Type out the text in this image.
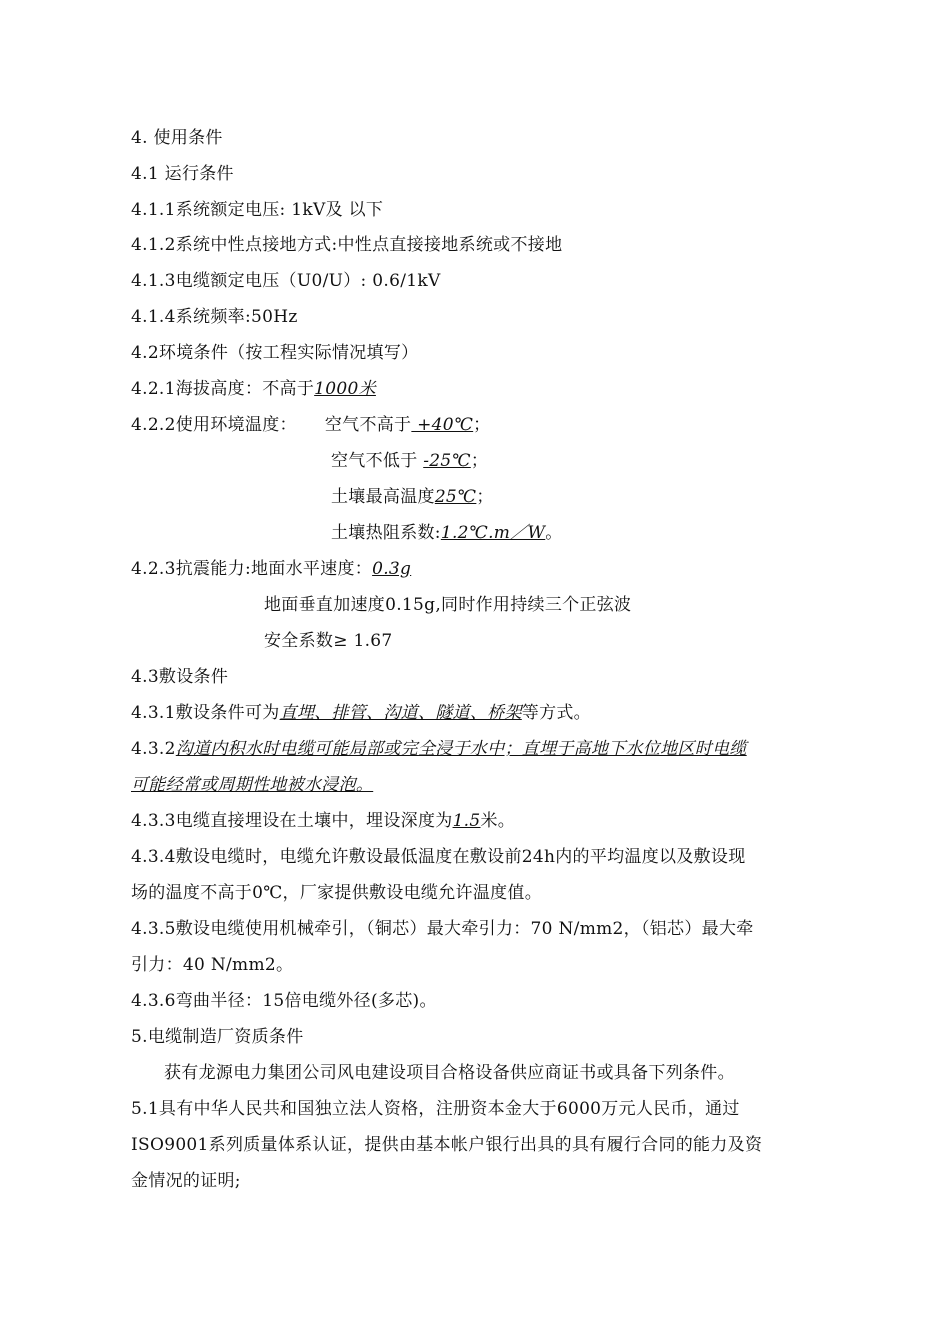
4. 使用条件
4.1 运行条件
4.1.1系统额定电压: 1kV及 以下
4.1.2系统中性点接地方式:中性点直接接地系统或不接地
4.1.3电缆额定电压（U0/U）: 0.6/1kV
4.1.4系统频率:50Hz
4.2环境条件（按工程实际情况填写）
4.2.1海拔高度：不高于1000米
4.2.2使用环境温度： 空气不高于 +40℃；
空气不低于 -25℃；
土壤最高温度25℃；
土壤热阻系数:1.2℃.m／W。
4.2.3抗震能力:地面水平速度：0.3g
地面垂直加速度0.15g,同时作用持续三个正弦波
安全系数≥ 1.67
4.3敷设条件
4.3.1敷设条件可为直埋、排管、沟道、隧道、桥架等方式。
4.3.2沟道内积水时电缆可能局部或完全浸于水中；直埋于高地下水位地区时电缆
可能经常或周期性地被水浸泡。
4.3.3电缆直接埋设在土壤中，埋设深度为1.5米。
4.3.4敷设电缆时，电缆允许敷设最低温度在敷设前24h内的平均温度以及敷设现
场的温度不高于0℃，厂家提供敷设电缆允许温度值。
4.3.5敷设电缆使用机械牵引，（铜芯）最大牵引力：70 N/mm2，（铝芯）最大牵
引力：40 N/mm2。
4.3.6弯曲半径：15倍电缆外径(多芯)。
5.电缆制造厂资质条件
获有龙源电力集团公司风电建设项目合格设备供应商证书或具备下列条件。
5.1具有中华人民共和国独立法人资格，注册资本金大于6000万元人民币，通过
ISO9001系列质量体系认证，提供由基本帐户银行出具的具有履行合同的能力及资
金情况的证明;
